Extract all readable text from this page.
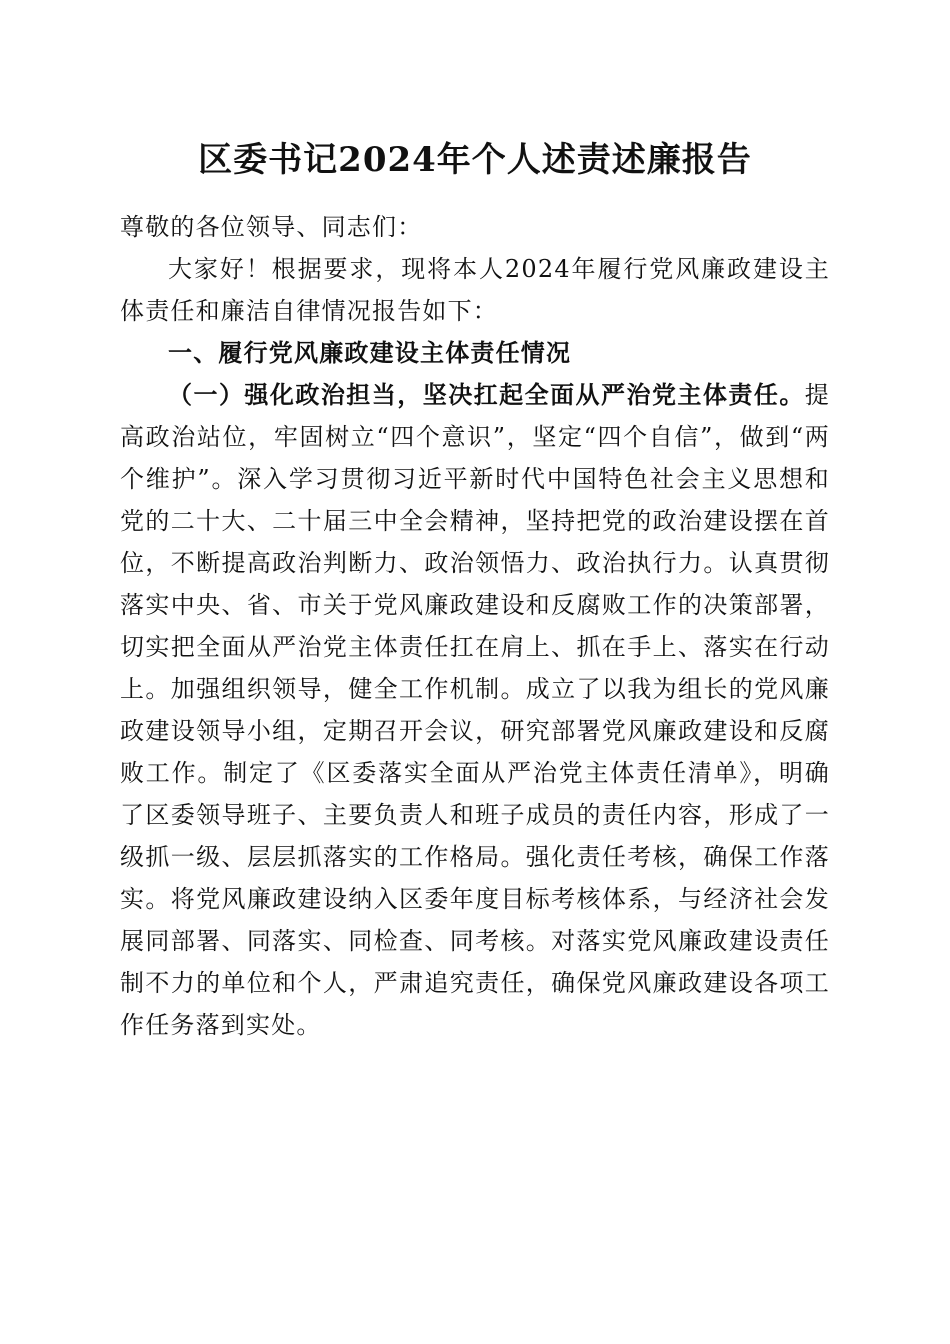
区委书记2024年个人述责述廉报告

尊敬的各位领导、同志们：

大家好！根据要求，现将本人2024年履行党风廉政建设主体责任和廉洁自律情况报告如下：

一、履行党风廉政建设主体责任情况

（一）强化政治担当，坚决扛起全面从严治党主体责任。提高政治站位，牢固树立“四个意识”，坚定“四个自信”，做到“两个维护”。深入学习贯彻习近平新时代中国特色社会主义思想和党的二十大、二十届三中全会精神，坚持把党的政治建设摆在首位，不断提高政治判断力、政治领悟力、政治执行力。认真贯彻落实中央、省、市关于党风廉政建设和反腐败工作的决策部署，切实把全面从严治党主体责任扛在肩上、抓在手上、落实在行动上。加强组织领导，健全工作机制。成立了以我为组长的党风廉政建设领导小组，定期召开会议，研究部署党风廉政建设和反腐败工作。制定了《区委落实全面从严治党主体责任清单》，明确了区委领导班子、主要负责人和班子成员的责任内容，形成了一级抓一级、层层抓落实的工作格局。强化责任考核，确保工作落实。将党风廉政建设纳入区委年度目标考核体系，与经济社会发展同部署、同落实、同检查、同考核。对落实党风廉政建设责任制不力的单位和个人，严肃追究责任，确保党风廉政建设各项工作任务落到实处。
